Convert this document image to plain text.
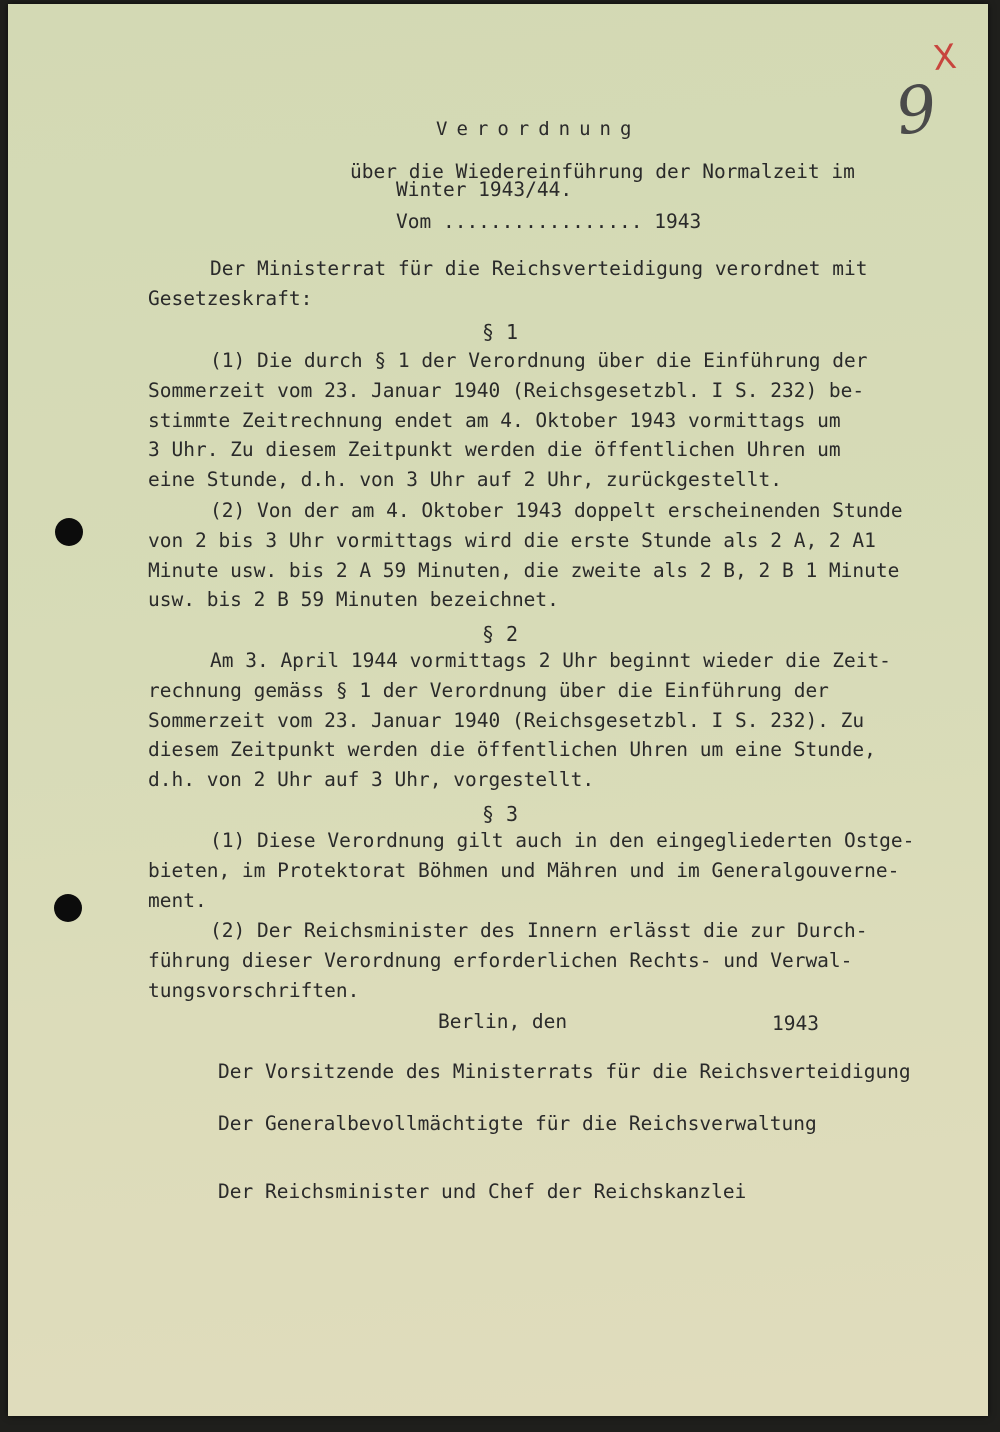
X
9
Verordnung
über die Wiedereinführung der Normalzeit im
Winter 1943/44.
Vom ................. 1943
Der Ministerrat für die Reichsverteidigung verordnet mit
Gesetzeskraft:
§ 1
(1) Die durch § 1 der Verordnung über die Einführung der
Sommerzeit vom 23. Januar 1940 (Reichsgesetzbl. I S. 232) be-
stimmte Zeitrechnung endet am 4. Oktober 1943 vormittags um
3 Uhr. Zu diesem Zeitpunkt werden die öffentlichen Uhren um
eine Stunde, d.h. von 3 Uhr auf 2 Uhr, zurückgestellt.
(2) Von der am 4. Oktober 1943 doppelt erscheinenden Stunde
von 2 bis 3 Uhr vormittags wird die erste Stunde als 2 A, 2 A1
Minute usw. bis 2 A 59 Minuten, die zweite als 2 B, 2 B 1 Minute
usw. bis 2 B 59 Minuten bezeichnet.
§ 2
Am 3. April 1944 vormittags 2 Uhr beginnt wieder die Zeit-
rechnung gemäss § 1 der Verordnung über die Einführung der
Sommerzeit vom 23. Januar 1940 (Reichsgesetzbl. I S. 232). Zu
diesem Zeitpunkt werden die öffentlichen Uhren um eine Stunde,
d.h. von 2 Uhr auf 3 Uhr, vorgestellt.
§ 3
(1) Diese Verordnung gilt auch in den eingegliederten Ostge-
bieten, im Protektorat Böhmen und Mähren und im Generalgouverne-
ment.
(2) Der Reichsminister des Innern erlässt die zur Durch-
führung dieser Verordnung erforderlichen Rechts- und Verwal-
tungsvorschriften.
Berlin, den	1943
Der Vorsitzende des Ministerrats für die Reichsverteidigung
Der Generalbevollmächtigte für die Reichsverwaltung
Der Reichsminister und Chef der Reichskanzlei
